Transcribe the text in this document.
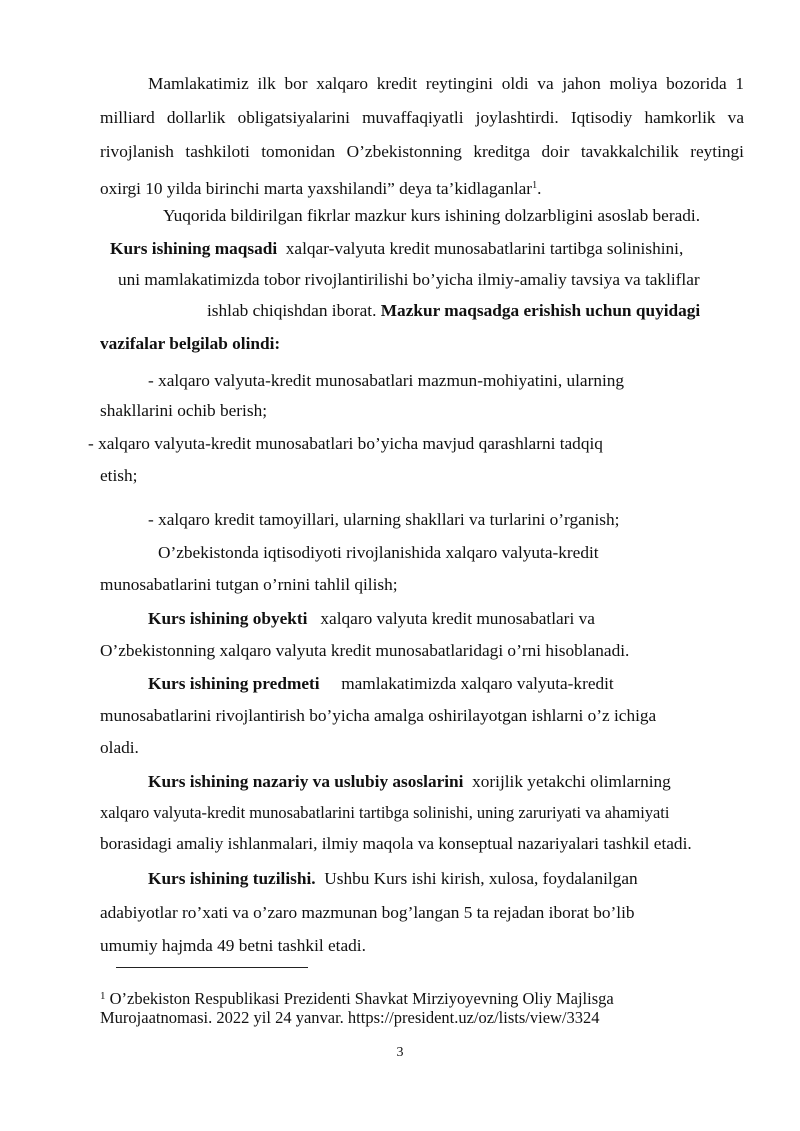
Mamlakatimiz ilk bor xalqaro kredit reytingini oldi va jahon moliya bozorida 1
milliard dollarlik obligatsiyalarini muvaffaqiyatli joylashtirdi. Iqtisodiy hamkorlik va
rivojlanish tashkiloti tomonidan O’zbekistonning kreditga doir tavakkalchilik reytingi
oxirgi 10 yilda birinchi marta yaxshilandi” deya ta’kidlaganlar$^1$.
Yuqorida bildirilgan fikrlar mazkur kurs ishining dolzarbligini asoslab beradi.
Kurs ishining maqsadi xalqar-valyuta kredit munosabatlarini tartibga solinishini,
uni mamlakatimizda tobor rivojlantirilishi bo’yicha ilmiy-amaliy tavsiya va takliflar
ishlab chiqishdan iborat. Mazkur maqsadga erishish uchun quyidagi
vazifalar belgilab olindi:
- xalqaro valyuta-kredit munosabatlari mazmun-mohiyatini, ularning
shakllarini ochib berish;
- xalqaro valyuta-kredit munosabatlari bo’yicha mavjud qarashlarni tadqiq
etish;
- xalqaro kredit tamoyillari, ularning shakllari va turlarini o’rganish;
O’zbekistonda iqtisodiyoti rivojlanishida xalqaro valyuta-kredit
munosabatlarini tutgan o’rnini tahlil qilish;
Kurs ishining obyekti xalqaro valyuta kredit munosabatlari va
O’zbekistonning xalqaro valyuta kredit munosabatlaridagi o’rni hisoblanadi.
Kurs ishining predmeti mamlakatimizda xalqaro valyuta-kredit
munosabatlarini rivojlantirish bo’yicha amalga oshirilayotgan ishlarni o’z ichiga
oladi.
Kurs ishining nazariy va uslubiy asoslarini xorijlik yetakchi olimlarning
xalqaro valyuta-kredit munosabatlarini tartibga solinishi, uning zaruriyati va ahamiyati
borasidagi amaliy ishlanmalari, ilmiy maqola va konseptual nazariyalari tashkil etadi.
Kurs ishining tuzilishi. Ushbu Kurs ishi kirish, xulosa, foydalanilgan
adabiyotlar ro’xati va o’zaro mazmunan bog’langan 5 ta rejadan iborat bo’lib
umumiy hajmda 49 betni tashkil etadi.
$^1$ O’zbekiston Respublikasi Prezidenti Shavkat Mirziyoyevning Oliy Majlisga
Murojaatnomasi. 2022 yil 24 yanvar. https://president.uz/oz/lists/view/3324
3
